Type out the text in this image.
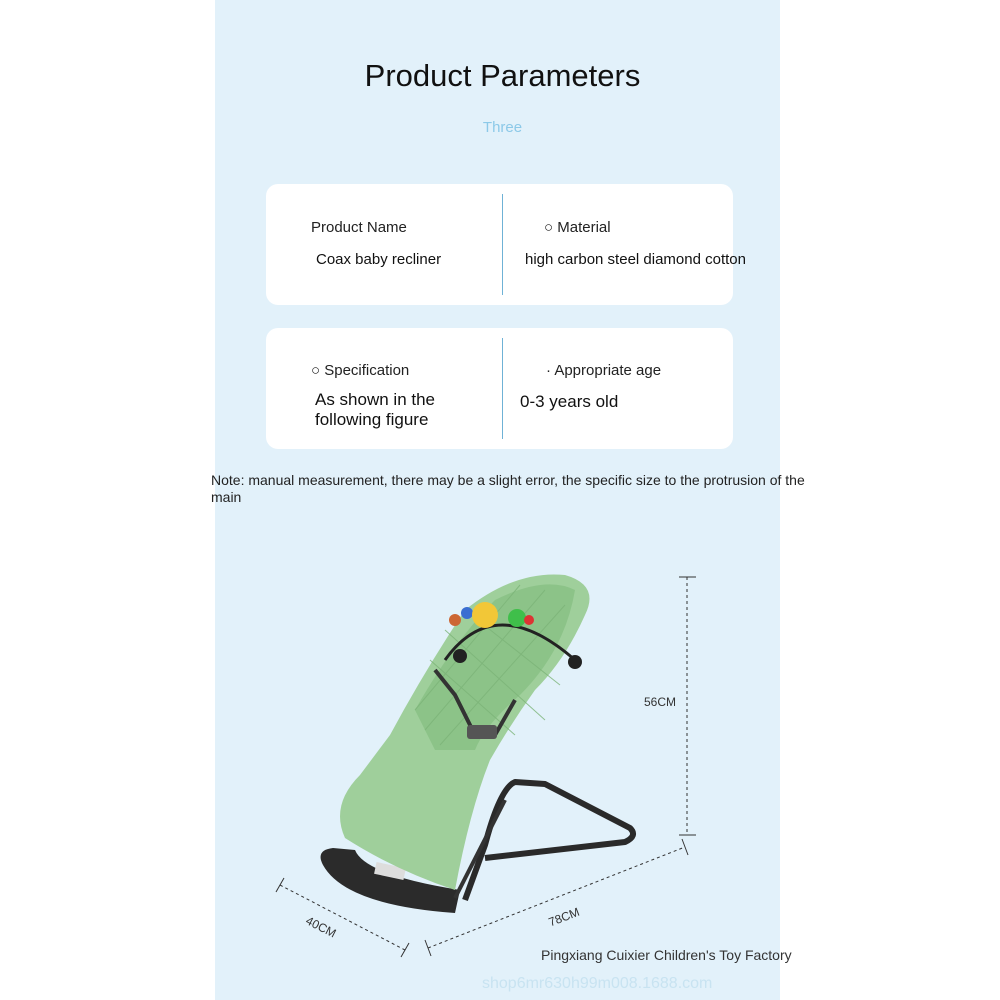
Product Parameters
Three
Product Name
Coax baby recliner
○ Material
high carbon steel diamond cotton
○ Specification
As shown in the following figure
· Appropriate age
0-3 years old
Note: manual measurement, there may be a slight error, the specific size to the protrusion of the main
56CM
78CM
40CM
Pingxiang Cuixier Children's Toy Factory
shop6mr630h99m008.1688.com
